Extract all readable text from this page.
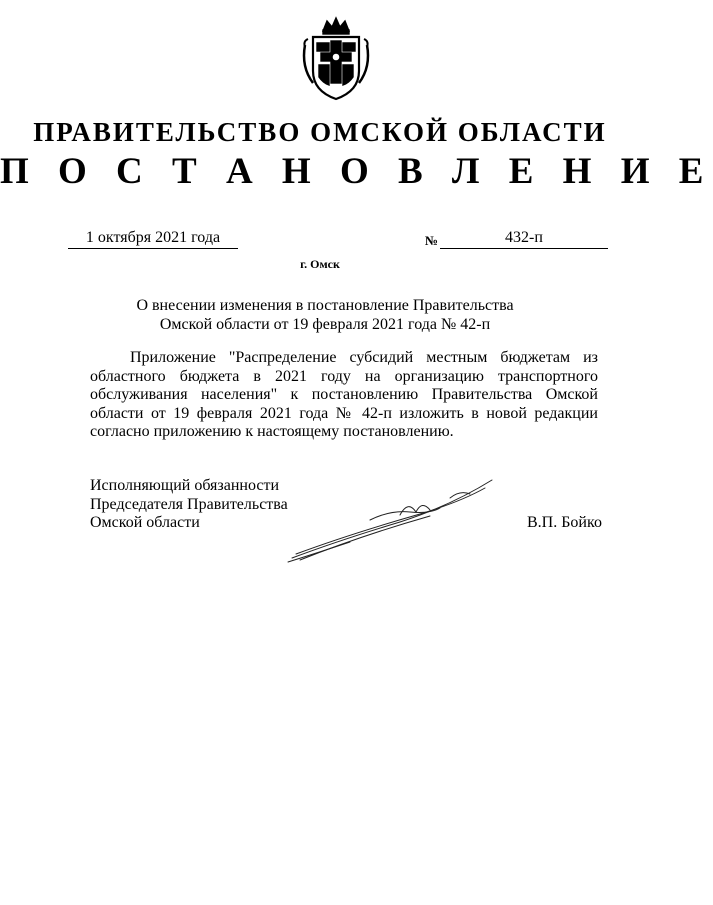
ПРАВИТЕЛЬСТВО ОМСКОЙ ОБЛАСТИ
П О С Т А Н О В Л Е Н И Е
1 октября 2021 года	№	432-п
г. Омск
О внесении изменения в постановление Правительства
Омской области от 19 февраля 2021 года № 42-п
Приложение "Распределение субсидий местным бюджетам из областного бюджета в 2021 году на организацию транспортного обслуживания населения" к постановлению Правительства Омской области от 19 февраля 2021 года № 42-п изложить в новой редакции согласно приложению к настоящему постановлению.
Исполняющий обязанности
Председателя Правительства
Омской области	В.П. Бойко
